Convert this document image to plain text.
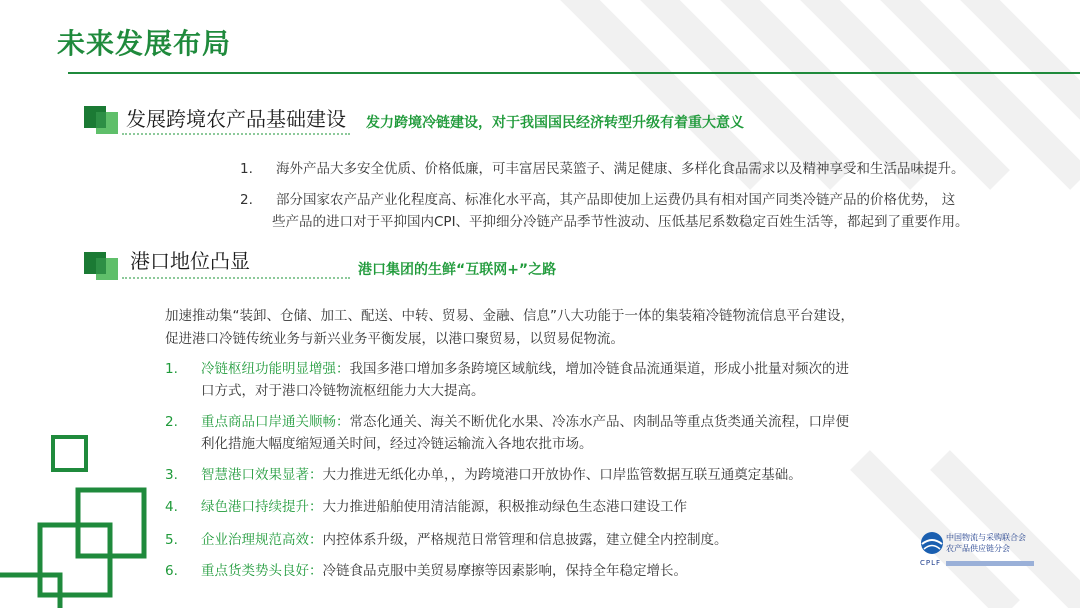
未来发展布局
发展跨境农产品基础建设 发力跨境冷链建设，对于我国国民经济转型升级有着重大意义
1. 海外产品大多安全优质、价格低廉，可丰富居民菜篮子、满足健康、多样化食品需求以及精神享受和生活品味提升。
2. 部分国家农产品产业化程度高、标准化水平高，其产品即使加上运费仍具有相对国产同类冷链产品的价格优势， 这
些产品的进口对于平抑国内CPI、平抑细分冷链产品季节性波动、压低基尼系数稳定百姓生活等，都起到了重要作用。
港口地位凸显	港口集团的生鲜“互联网+”之路
加速推动集“装卸、仓储、加工、配送、中转、贸易、金融、信息”八大功能于一体的集装箱冷链物流信息平台建设，
促进港口冷链传统业务与新兴业务平衡发展，以港口聚贸易，以贸易促物流。
1. 冷链枢纽功能明显增强：我国多港口增加多条跨境区域航线，增加冷链食品流通渠道，形成小批量对频次的进
口方式，对于港口冷链物流枢纽能力大大提高。
2. 重点商品口岸通关顺畅：常态化通关、海关不断优化水果、冷冻水产品、肉制品等重点货类通关流程，口岸便
利化措施大幅度缩短通关时间，经过冷链运输流入各地农批市场。
3. 智慧港口效果显著：大力推进无纸化办单，，为跨境港口开放协作、口岸监管数据互联互通奠定基础。
4. 绿色港口持续提升：大力推进船舶使用清洁能源，积极推动绿色生态港口建设工作
5. 企业治理规范高效：内控体系升级，严格规范日常管理和信息披露，建立健全内控制度。
6. 重点货类势头良好：冷链食品克服中美贸易摩擦等因素影响，保持全年稳定增长。
中国物流与采购联合会
农产品供应链分会
CPLF
